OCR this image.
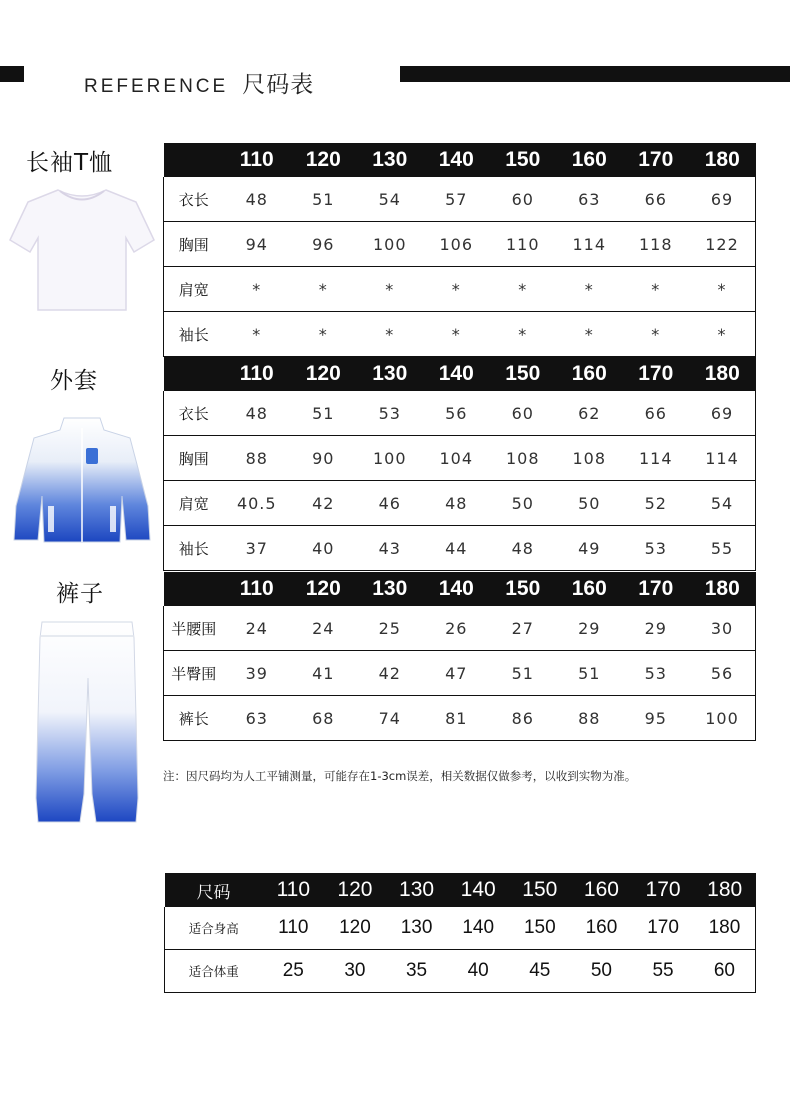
REFERENCE 尺码表
长袖T恤
外套
裤子
	110	120	130	140	150	160	170	180
衣长	48	51	54	57	60	63	66	69
胸围	94	96	100	106	110	114	118	122
肩宽	*	*	*	*	*	*	*	*
袖长	*	*	*	*	*	*	*	*
	110	120	130	140	150	160	170	180
衣长	48	51	53	56	60	62	66	69
胸围	88	90	100	104	108	108	114	114
肩宽	40.5	42	46	48	50	50	52	54
袖长	37	40	43	44	48	49	53	55
	110	120	130	140	150	160	170	180
半腰围	24	24	25	26	27	29	29	30
半臀围	39	41	42	47	51	51	53	56
裤长	63	68	74	81	86	88	95	100
注：因尺码均为人工平铺测量，可能存在1-3cm误差，相关数据仅做参考，以收到实物为准。
尺码	110	120	130	140	150	160	170	180
适合身高	110	120	130	140	150	160	170	180
适合体重	25	30	35	40	45	50	55	60
